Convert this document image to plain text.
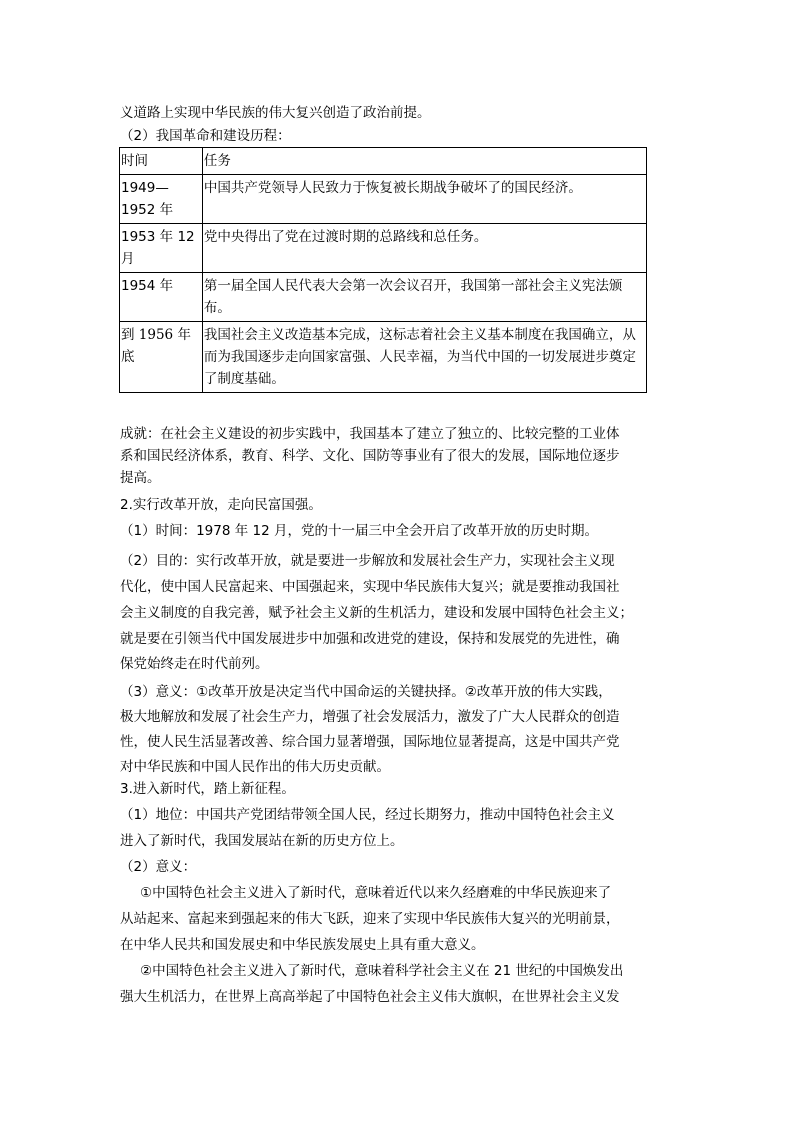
义道路上实现中华民族的伟大复兴创造了政治前提。
（2）我国革命和建设历程：
时间	任务
1949—1952 年	中国共产党领导人民致力于恢复被长期战争破坏了的国民经济。
1953 年 12 月	党中央得出了党在过渡时期的总路线和总任务。
1954 年	第一届全国人民代表大会第一次会议召开，我国第一部社会主义宪法颁布。
到 1956 年底	我国社会主义改造基本完成，这标志着社会主义基本制度在我国确立，从而为我国逐步走向国家富强、人民幸福，为当代中国的一切发展进步奠定了制度基础。
成就：在社会主义建设的初步实践中，我国基本了建立了独立的、比较完整的工业体
系和国民经济体系，教育、科学、文化、国防等事业有了很大的发展，国际地位逐步
提高。
2.实行改革开放，走向民富国强。
（1）时间：1978 年 12 月，党的十一届三中全会开启了改革开放的历史时期。
（2）目的：实行改革开放，就是要进一步解放和发展社会生产力，实现社会主义现
代化，使中国人民富起来、中国强起来，实现中华民族伟大复兴；就是要推动我国社
会主义制度的自我完善，赋予社会主义新的生机活力，建设和发展中国特色社会主义；
就是要在引领当代中国发展进步中加强和改进党的建设，保持和发展党的先进性，确
保党始终走在时代前列。
（3）意义：①改革开放是决定当代中国命运的关键抉择。②改革开放的伟大实践，
极大地解放和发展了社会生产力，增强了社会发展活力，激发了广大人民群众的创造
性，使人民生活显著改善、综合国力显著增强，国际地位显著提高，这是中国共产党
对中华民族和中国人民作出的伟大历史贡献。
3.进入新时代，踏上新征程。
（1）地位：中国共产党团结带领全国人民，经过长期努力，推动中国特色社会主义
进入了新时代，我国发展站在新的历史方位上。
（2）意义：
①中国特色社会主义进入了新时代，意味着近代以来久经磨难的中华民族迎来了
从站起来、富起来到强起来的伟大飞跃，迎来了实现中华民族伟大复兴的光明前景，
在中华人民共和国发展史和中华民族发展史上具有重大意义。
②中国特色社会主义进入了新时代，意味着科学社会主义在 21 世纪的中国焕发出
强大生机活力，在世界上高高举起了中国特色社会主义伟大旗帜，在世界社会主义发
